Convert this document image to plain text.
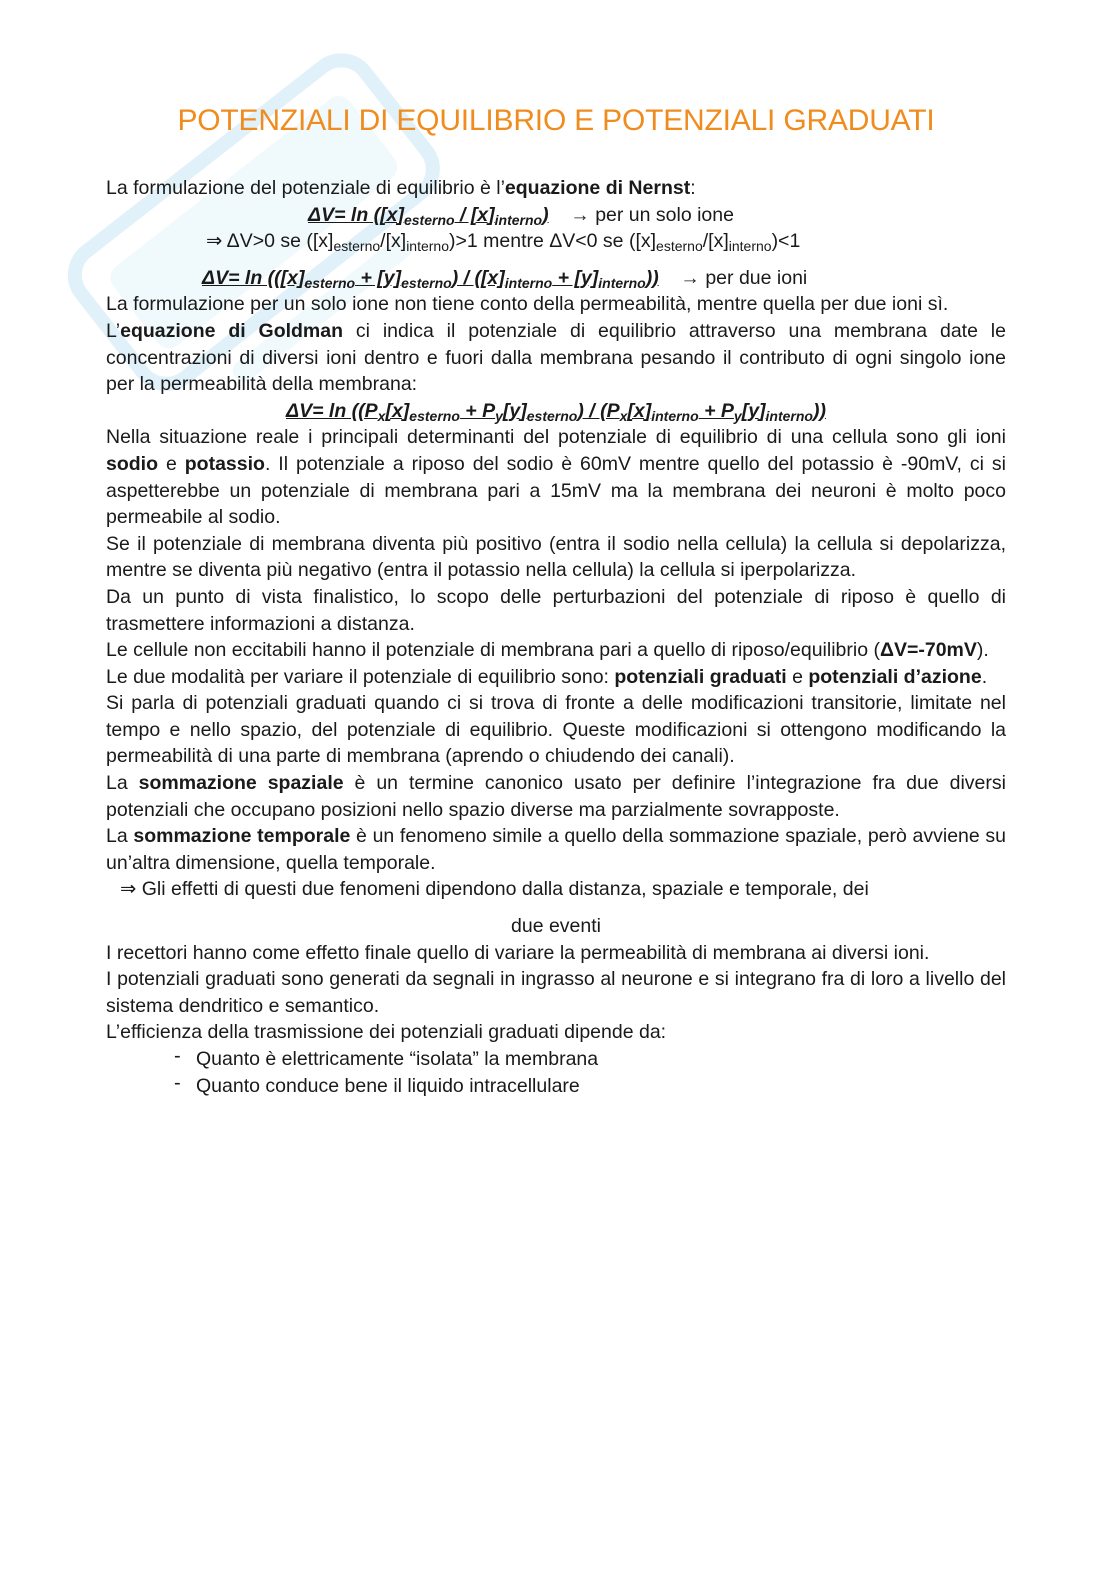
POTENZIALI DI EQUILIBRIO E POTENZIALI GRADUATI

La formulazione del potenziale di equilibrio è l’equazione di Nernst:

$\Delta V= \ln ([x]_{esterno} / [x]_{interno})$ → per un solo ione

⇒ ΔV>0 se $([x]_{esterno}/[x]_{interno})>1$ mentre ΔV<0 se $([x]_{esterno}/[x]_{interno})<1$

$\Delta V= \ln (([x]_{esterno} + [y]_{esterno}) / ([x]_{interno} + [y]_{interno}))$ → per due ioni

La formulazione per un solo ione non tiene conto della permeabilità, mentre quella per due ioni sì.

L’equazione di Goldman ci indica il potenziale di equilibrio attraverso una membrana date le concentrazioni di diversi ioni dentro e fuori dalla membrana pesando il contributo di ogni singolo ione per la permeabilità della membrana:

$\Delta V= \ln ((P_x[x]_{esterno} + P_y[y]_{esterno}) / (P_x[x]_{interno} + P_y[y]_{interno}))$

Nella situazione reale i principali determinanti del potenziale di equilibrio di una cellula sono gli ioni sodio e potassio. Il potenziale a riposo del sodio è 60mV mentre quello del potassio è -90mV, ci si aspetterebbe un potenziale di membrana pari a 15mV ma la membrana dei neuroni è molto poco permeabile al sodio.

Se il potenziale di membrana diventa più positivo (entra il sodio nella cellula) la cellula si depolarizza, mentre se diventa più negativo (entra il potassio nella cellula) la cellula si iperpolarizza.

Da un punto di vista finalistico, lo scopo delle perturbazioni del potenziale di riposo è quello di trasmettere informazioni a distanza.

Le cellule non eccitabili hanno il potenziale di membrana pari a quello di riposo/equilibrio (ΔV=-70mV).

Le due modalità per variare il potenziale di equilibrio sono: potenziali graduati e potenziali d’azione.

Si parla di potenziali graduati quando ci si trova di fronte a delle modificazioni transitorie, limitate nel tempo e nello spazio, del potenziale di equilibrio. Queste modificazioni si ottengono modificando la permeabilità di una parte di membrana (aprendo o chiudendo dei canali).

La sommazione spaziale è un termine canonico usato per definire l’integrazione fra due diversi potenziali che occupano posizioni nello spazio diverse ma parzialmente sovrapposte.

La sommazione temporale è un fenomeno simile a quello della sommazione spaziale, però avviene su un’altra dimensione, quella temporale.

⇒ Gli effetti di questi due fenomeni dipendono dalla distanza, spaziale e temporale, dei

due eventi

I recettori hanno come effetto finale quello di variare la permeabilità di membrana ai diversi ioni.

I potenziali graduati sono generati da segnali in ingrasso al neurone e si integrano fra di loro a livello del sistema dendritico e semantico.

L’efficienza della trasmissione dei potenziali graduati dipende da:

- Quanto è elettricamente “isolata” la membrana
- Quanto conduce bene il liquido intracellulare
